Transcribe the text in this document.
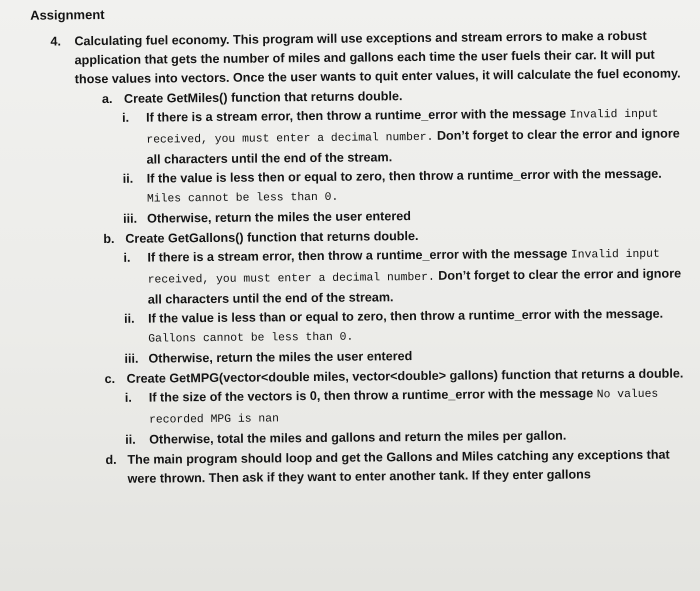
Assignment
4. Calculating fuel economy. This program will use exceptions and stream errors to make a robust application that gets the number of miles and gallons each time the user fuels their car. It will put those values into vectors. Once the user wants to quit enter values, it will calculate the fuel economy.

a. Create GetMiles() function that returns double.
i.	If there is a stream error, then throw a runtime_error with the message Invalid input received, you must enter a decimal number. Don’t forget to clear the error and ignore all characters until the end of the stream.
ii.	If the value is less then or equal to zero, then throw a runtime_error with the message. Miles cannot be less than 0.
iii. Otherwise, return the miles the user entered
b. Create GetGallons() function that returns double.
i.	If there is a stream error, then throw a runtime_error with the message Invalid input received, you must enter a decimal number. Don’t forget to clear the error and ignore all characters until the end of the stream.
ii.	If the value is less than or equal to zero, then throw a runtime_error with the message. Gallons cannot be less than 0.
iii. Otherwise, return the miles the user entered
c. Create GetMPG(vector<double miles, vector<double> gallons) function that returns a double.
i.	If the size of the vectors is 0, then throw a runtime_error with the message No values recorded MPG is nan
ii.	Otherwise, total the miles and gallons and return the miles per gallon.
d. The main program should loop and get the Gallons and Miles catching any exceptions that were thrown. Then ask if they want to enter another tank. If they enter gallons
